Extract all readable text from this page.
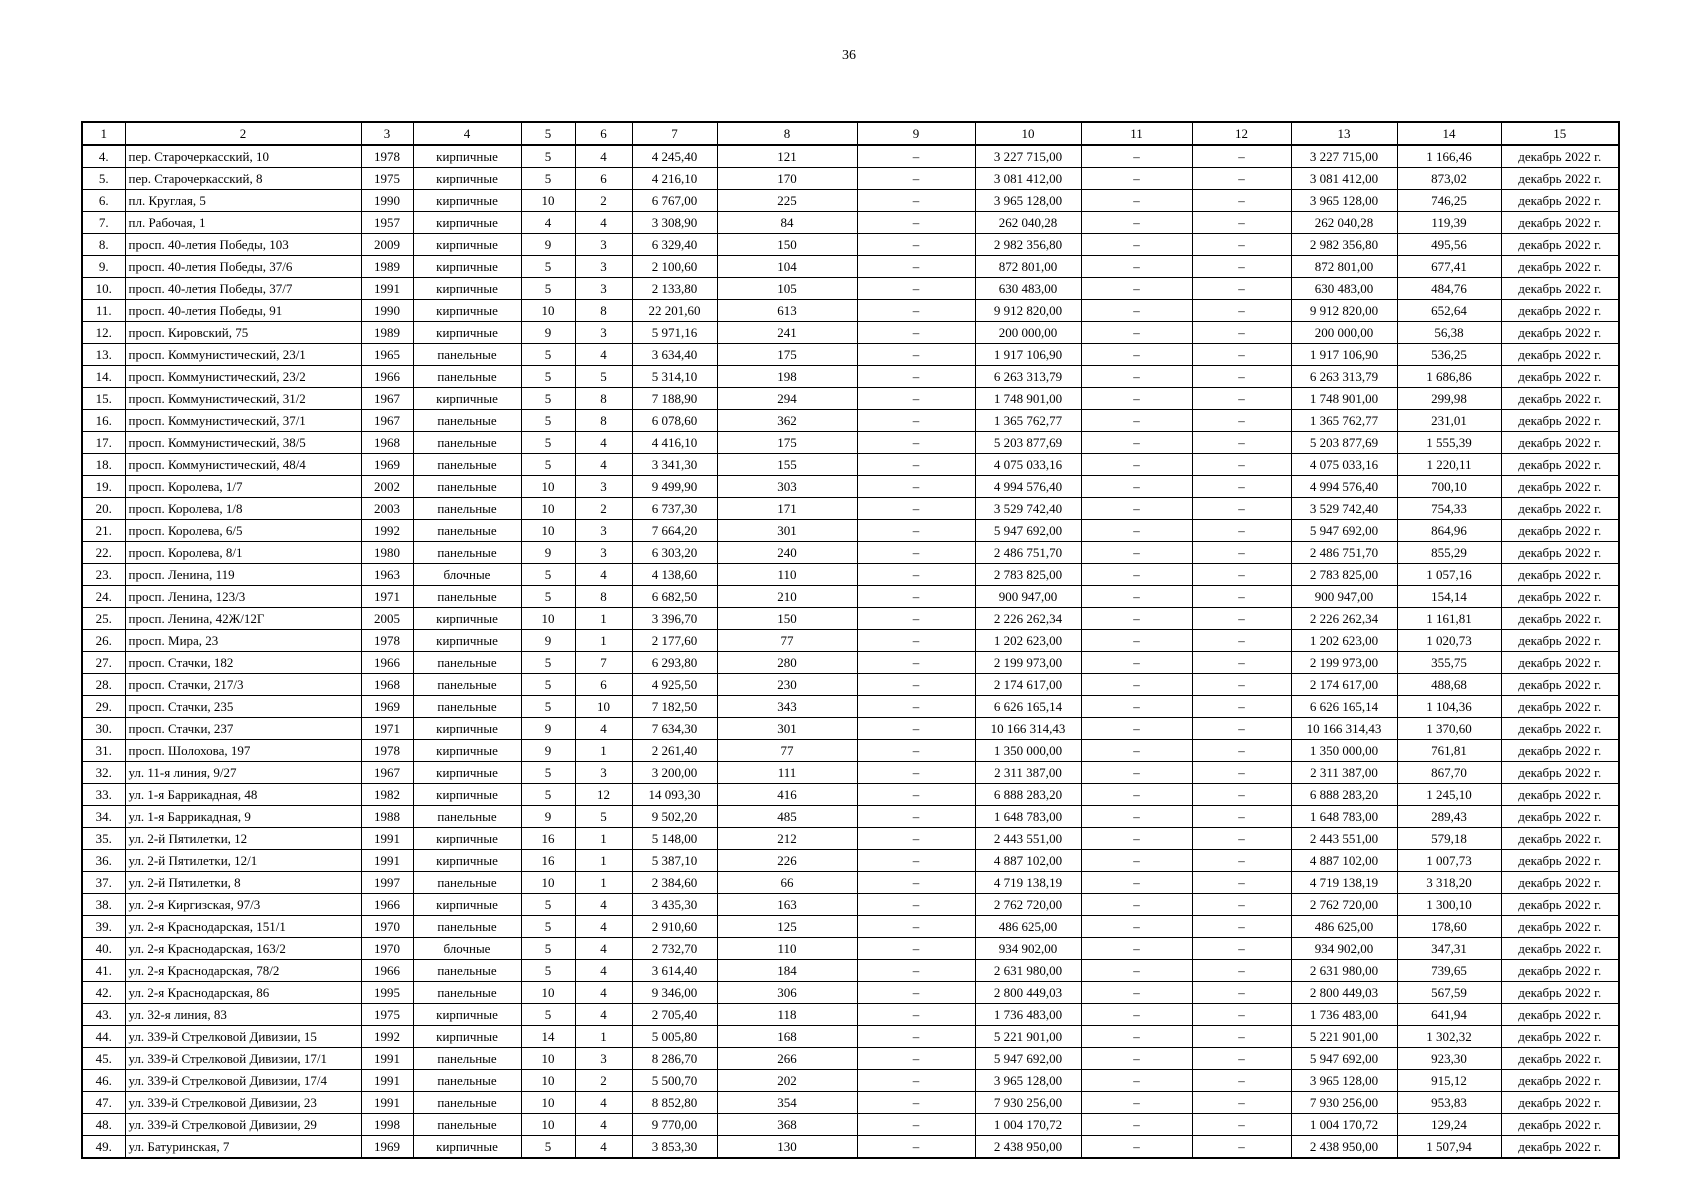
36
1	2	3	4	5	6	7	8	9	10	11	12	13	14	15
4.	пер. Старочеркасский, 10	1978	кирпичные	5	4	4 245,40	121	–	3 227 715,00	–	–	3 227 715,00	1 166,46	декабрь 2022 г.
5.	пер. Старочеркасский, 8	1975	кирпичные	5	6	4 216,10	170	–	3 081 412,00	–	–	3 081 412,00	873,02	декабрь 2022 г.
6.	пл. Круглая, 5	1990	кирпичные	10	2	6 767,00	225	–	3 965 128,00	–	–	3 965 128,00	746,25	декабрь 2022 г.
7.	пл. Рабочая, 1	1957	кирпичные	4	4	3 308,90	84	–	262 040,28	–	–	262 040,28	119,39	декабрь 2022 г.
8.	просп. 40-летия Победы, 103	2009	кирпичные	9	3	6 329,40	150	–	2 982 356,80	–	–	2 982 356,80	495,56	декабрь 2022 г.
9.	просп. 40-летия Победы, 37/6	1989	кирпичные	5	3	2 100,60	104	–	872 801,00	–	–	872 801,00	677,41	декабрь 2022 г.
10.	просп. 40-летия Победы, 37/7	1991	кирпичные	5	3	2 133,80	105	–	630 483,00	–	–	630 483,00	484,76	декабрь 2022 г.
11.	просп. 40-летия Победы, 91	1990	кирпичные	10	8	22 201,60	613	–	9 912 820,00	–	–	9 912 820,00	652,64	декабрь 2022 г.
12.	просп. Кировский, 75	1989	кирпичные	9	3	5 971,16	241	–	200 000,00	–	–	200 000,00	56,38	декабрь 2022 г.
13.	просп. Коммунистический, 23/1	1965	панельные	5	4	3 634,40	175	–	1 917 106,90	–	–	1 917 106,90	536,25	декабрь 2022 г.
14.	просп. Коммунистический, 23/2	1966	панельные	5	5	5 314,10	198	–	6 263 313,79	–	–	6 263 313,79	1 686,86	декабрь 2022 г.
15.	просп. Коммунистический, 31/2	1967	кирпичные	5	8	7 188,90	294	–	1 748 901,00	–	–	1 748 901,00	299,98	декабрь 2022 г.
16.	просп. Коммунистический, 37/1	1967	панельные	5	8	6 078,60	362	–	1 365 762,77	–	–	1 365 762,77	231,01	декабрь 2022 г.
17.	просп. Коммунистический, 38/5	1968	панельные	5	4	4 416,10	175	–	5 203 877,69	–	–	5 203 877,69	1 555,39	декабрь 2022 г.
18.	просп. Коммунистический, 48/4	1969	панельные	5	4	3 341,30	155	–	4 075 033,16	–	–	4 075 033,16	1 220,11	декабрь 2022 г.
19.	просп. Королева, 1/7	2002	панельные	10	3	9 499,90	303	–	4 994 576,40	–	–	4 994 576,40	700,10	декабрь 2022 г.
20.	просп. Королева, 1/8	2003	панельные	10	2	6 737,30	171	–	3 529 742,40	–	–	3 529 742,40	754,33	декабрь 2022 г.
21.	просп. Королева, 6/5	1992	панельные	10	3	7 664,20	301	–	5 947 692,00	–	–	5 947 692,00	864,96	декабрь 2022 г.
22.	просп. Королева, 8/1	1980	панельные	9	3	6 303,20	240	–	2 486 751,70	–	–	2 486 751,70	855,29	декабрь 2022 г.
23.	просп. Ленина, 119	1963	блочные	5	4	4 138,60	110	–	2 783 825,00	–	–	2 783 825,00	1 057,16	декабрь 2022 г.
24.	просп. Ленина, 123/3	1971	панельные	5	8	6 682,50	210	–	900 947,00	–	–	900 947,00	154,14	декабрь 2022 г.
25.	просп. Ленина, 42Ж/12Г	2005	кирпичные	10	1	3 396,70	150	–	2 226 262,34	–	–	2 226 262,34	1 161,81	декабрь 2022 г.
26.	просп. Мира, 23	1978	кирпичные	9	1	2 177,60	77	–	1 202 623,00	–	–	1 202 623,00	1 020,73	декабрь 2022 г.
27.	просп. Стачки, 182	1966	панельные	5	7	6 293,80	280	–	2 199 973,00	–	–	2 199 973,00	355,75	декабрь 2022 г.
28.	просп. Стачки, 217/3	1968	панельные	5	6	4 925,50	230	–	2 174 617,00	–	–	2 174 617,00	488,68	декабрь 2022 г.
29.	просп. Стачки, 235	1969	панельные	5	10	7 182,50	343	–	6 626 165,14	–	–	6 626 165,14	1 104,36	декабрь 2022 г.
30.	просп. Стачки, 237	1971	кирпичные	9	4	7 634,30	301	–	10 166 314,43	–	–	10 166 314,43	1 370,60	декабрь 2022 г.
31.	просп. Шолохова, 197	1978	кирпичные	9	1	2 261,40	77	–	1 350 000,00	–	–	1 350 000,00	761,81	декабрь 2022 г.
32.	ул. 11-я линия, 9/27	1967	кирпичные	5	3	3 200,00	111	–	2 311 387,00	–	–	2 311 387,00	867,70	декабрь 2022 г.
33.	ул. 1-я Баррикадная, 48	1982	кирпичные	5	12	14 093,30	416	–	6 888 283,20	–	–	6 888 283,20	1 245,10	декабрь 2022 г.
34.	ул. 1-я Баррикадная, 9	1988	панельные	9	5	9 502,20	485	–	1 648 783,00	–	–	1 648 783,00	289,43	декабрь 2022 г.
35.	ул. 2-й Пятилетки, 12	1991	кирпичные	16	1	5 148,00	212	–	2 443 551,00	–	–	2 443 551,00	579,18	декабрь 2022 г.
36.	ул. 2-й Пятилетки, 12/1	1991	кирпичные	16	1	5 387,10	226	–	4 887 102,00	–	–	4 887 102,00	1 007,73	декабрь 2022 г.
37.	ул. 2-й Пятилетки, 8	1997	панельные	10	1	2 384,60	66	–	4 719 138,19	–	–	4 719 138,19	3 318,20	декабрь 2022 г.
38.	ул. 2-я Киргизская, 97/3	1966	кирпичные	5	4	3 435,30	163	–	2 762 720,00	–	–	2 762 720,00	1 300,10	декабрь 2022 г.
39.	ул. 2-я Краснодарская, 151/1	1970	панельные	5	4	2 910,60	125	–	486 625,00	–	–	486 625,00	178,60	декабрь 2022 г.
40.	ул. 2-я Краснодарская, 163/2	1970	блочные	5	4	2 732,70	110	–	934 902,00	–	–	934 902,00	347,31	декабрь 2022 г.
41.	ул. 2-я Краснодарская, 78/2	1966	панельные	5	4	3 614,40	184	–	2 631 980,00	–	–	2 631 980,00	739,65	декабрь 2022 г.
42.	ул. 2-я Краснодарская, 86	1995	панельные	10	4	9 346,00	306	–	2 800 449,03	–	–	2 800 449,03	567,59	декабрь 2022 г.
43.	ул. 32-я линия, 83	1975	кирпичные	5	4	2 705,40	118	–	1 736 483,00	–	–	1 736 483,00	641,94	декабрь 2022 г.
44.	ул. 339-й Стрелковой Дивизии, 15	1992	кирпичные	14	1	5 005,80	168	–	5 221 901,00	–	–	5 221 901,00	1 302,32	декабрь 2022 г.
45.	ул. 339-й Стрелковой Дивизии, 17/1	1991	панельные	10	3	8 286,70	266	–	5 947 692,00	–	–	5 947 692,00	923,30	декабрь 2022 г.
46.	ул. 339-й Стрелковой Дивизии, 17/4	1991	панельные	10	2	5 500,70	202	–	3 965 128,00	–	–	3 965 128,00	915,12	декабрь 2022 г.
47.	ул. 339-й Стрелковой Дивизии, 23	1991	панельные	10	4	8 852,80	354	–	7 930 256,00	–	–	7 930 256,00	953,83	декабрь 2022 г.
48.	ул. 339-й Стрелковой Дивизии, 29	1998	панельные	10	4	9 770,00	368	–	1 004 170,72	–	–	1 004 170,72	129,24	декабрь 2022 г.
49.	ул. Батуринская, 7	1969	кирпичные	5	4	3 853,30	130	–	2 438 950,00	–	–	2 438 950,00	1 507,94	декабрь 2022 г.
